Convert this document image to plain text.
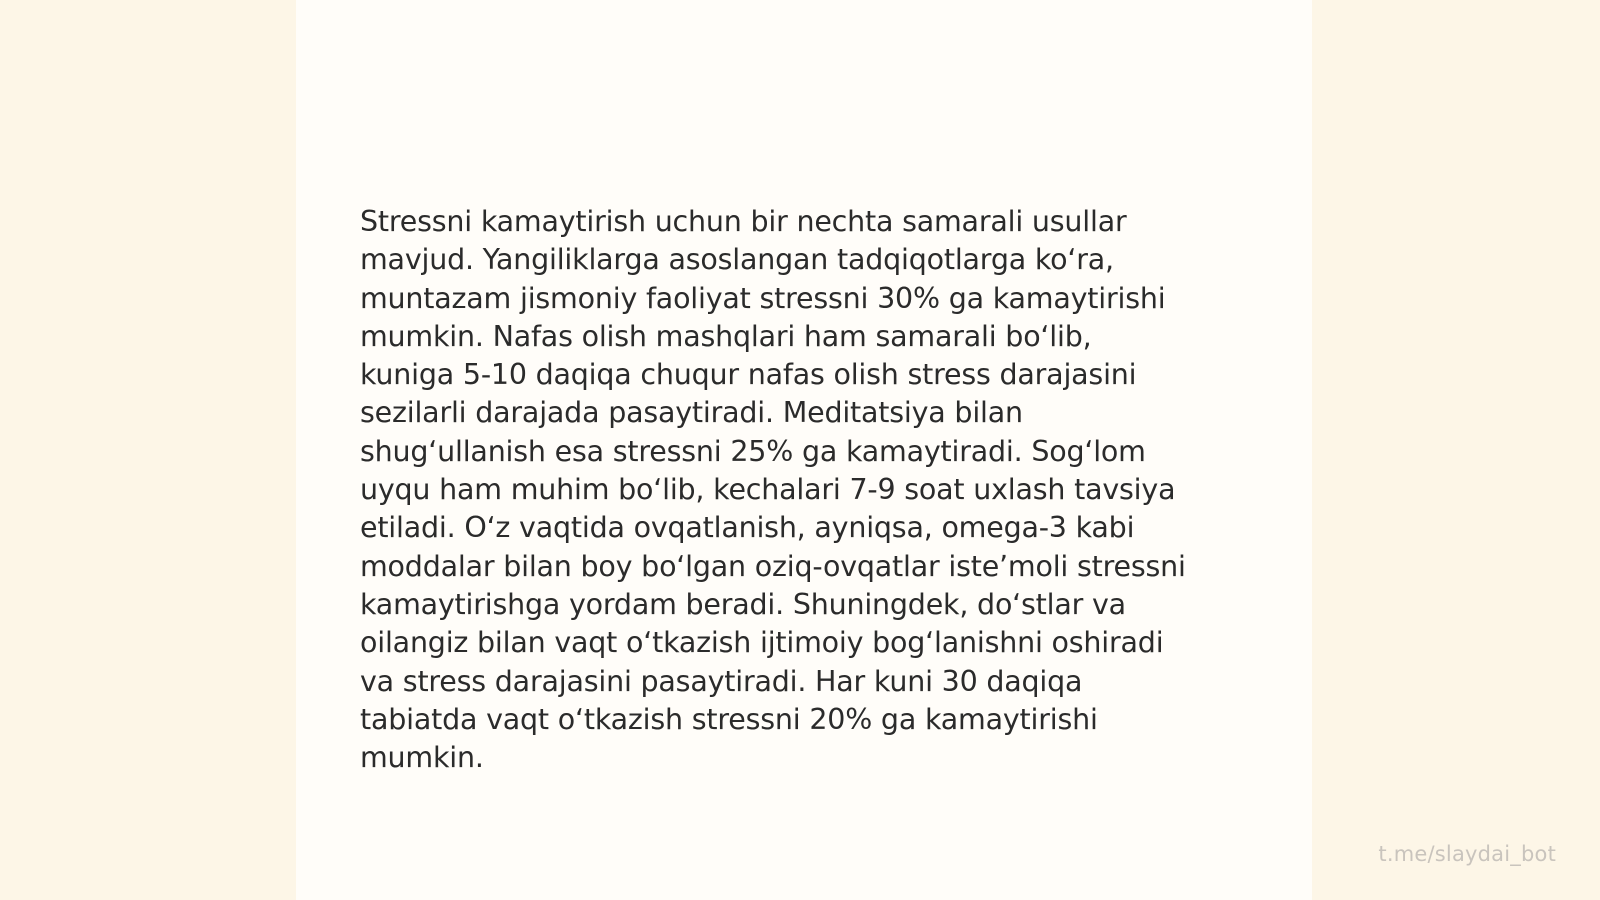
Stressni kamaytirish uchun bir nechta samarali usullar
mavjud. Yangiliklarga asoslangan tadqiqotlarga koʻra,
muntazam jismoniy faoliyat stressni 30% ga kamaytirishi
mumkin. Nafas olish mashqlari ham samarali boʻlib,
kuniga 5-10 daqiqa chuqur nafas olish stress darajasini
sezilarli darajada pasaytiradi. Meditatsiya bilan
shugʻullanish esa stressni 25% ga kamaytiradi. Sogʻlom
uyqu ham muhim boʻlib, kechalari 7-9 soat uxlash tavsiya
etiladi. Oʻz vaqtida ovqatlanish, ayniqsa, omega-3 kabi
moddalar bilan boy boʻlgan oziq-ovqatlar isteʼmoli stressni
kamaytirishga yordam beradi. Shuningdek, doʻstlar va
oilangiz bilan vaqt oʻtkazish ijtimoiy bogʻlanishni oshiradi
va stress darajasini pasaytiradi. Har kuni 30 daqiqa
tabiatda vaqt oʻtkazish stressni 20% ga kamaytirishi
mumkin.

t.me/slaydai_bot
